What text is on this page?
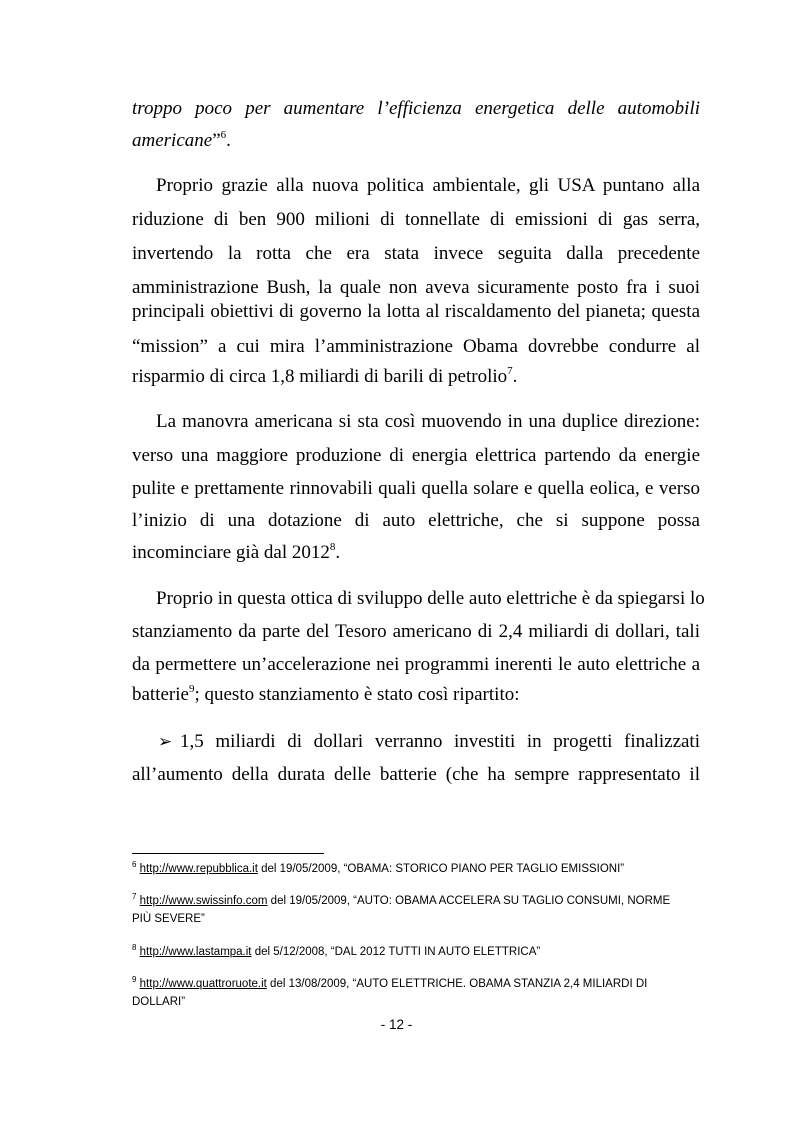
troppo poco per aumentare l’efficienza energetica delle automobili
americane”$^6$.
Proprio grazie alla nuova politica ambientale, gli USA puntano alla
riduzione di ben 900 milioni di tonnellate di emissioni di gas serra,
invertendo la rotta che era stata invece seguita dalla precedente
amministrazione Bush, la quale non aveva sicuramente posto fra i suoi
principali obiettivi di governo la lotta al riscaldamento del pianeta; questa
“mission” a cui mira l’amministrazione Obama dovrebbe condurre al
risparmio di circa 1,8 miliardi di barili di petrolio$^7$.
La manovra americana si sta così muovendo in una duplice direzione:
verso una maggiore produzione di energia elettrica partendo da energie
pulite e prettamente rinnovabili quali quella solare e quella eolica, e verso
l’inizio di una dotazione di auto elettriche, che si suppone possa
incominciare già dal 2012$^8$.
Proprio in questa ottica di sviluppo delle auto elettriche è da spiegarsi lo
stanziamento da parte del Tesoro americano di 2,4 miliardi di dollari, tali
da permettere un’accelerazione nei programmi inerenti le auto elettriche a
batterie$^9$; questo stanziamento è stato così ripartito:
➢ 1,5 miliardi di dollari verranno investiti in progetti finalizzati
all’aumento della durata delle batterie (che ha sempre rappresentato il
$^6$ http://www.repubblica.it del 19/05/2009, “OBAMA: STORICO PIANO PER TAGLIO EMISSIONI”
$^7$ http://www.swissinfo.com del 19/05/2009, “AUTO: OBAMA ACCELERA SU TAGLIO CONSUMI, NORME
PIÙ SEVERE”
$^8$ http://www.lastampa.it del 5/12/2008, “DAL 2012 TUTTI IN AUTO ELETTRICA”
$^9$ http://www.quattroruote.it del 13/08/2009, “AUTO ELETTRICHE. OBAMA STANZIA 2,4 MILIARDI DI
DOLLARI”
- 12 -
